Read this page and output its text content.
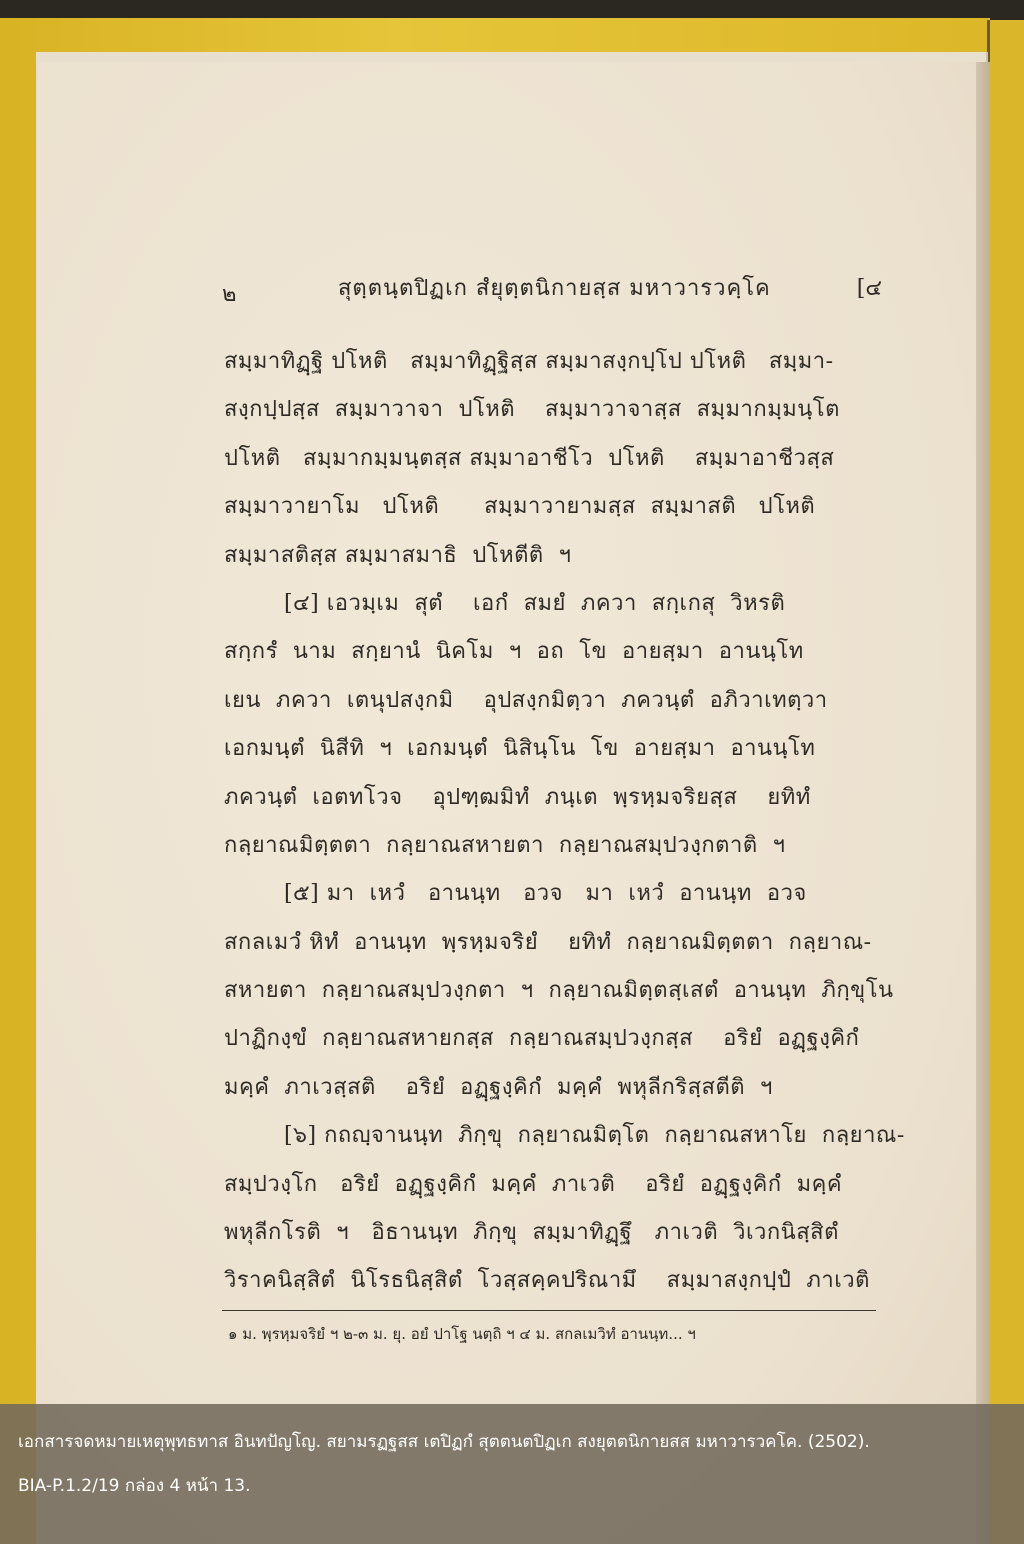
๒	สุตฺตนฺตปิฏเก สํยุตฺตนิกายสฺส มหาวารวคฺโค	[๔
สมฺมาทิฏฺฐิ ปโหติ   สมฺมาทิฏฺฐิสฺส สมฺมาสงฺกปฺโป ปโหติ   สมฺมา-
สงฺกปฺปสฺส  สมฺมาวาจา  ปโหติ    สมฺมาวาจาสฺส  สมฺมากมฺมนฺโต
ปโหติ   สมฺมากมฺมนฺตสฺส สมฺมาอาชีโว  ปโหติ    สมฺมาอาชีวสฺส
สมฺมาวายาโม   ปโหติ      สมฺมาวายามสฺส  สมฺมาสติ   ปโหติ
สมฺมาสติสฺส สมฺมาสมาธิ  ปโหตีติ  ฯ
[๔] เอวมฺเม  สุตํ    เอกํ  สมยํ  ภควา  สกฺเกสุ  วิหรติ
สกฺกรํ  นาม  สกฺยานํ  นิคโม  ฯ  อถ  โข  อายสฺมา  อานนฺโท
เยน  ภควา  เตนุปสงฺกมิ    อุปสงฺกมิตฺวา  ภควนฺตํ  อภิวาเทตฺวา
เอกมนฺตํ  นิสีทิ  ฯ  เอกมนฺตํ  นิสินฺโน  โข  อายสฺมา  อานนฺโท
ภควนฺตํ  เอตทโวจ    อุปฑฺฒมิทํ  ภนฺเต  พฺรหฺมจริยสฺส    ยทิทํ
กลฺยาณมิตฺตตา  กลฺยาณสหายตา  กลฺยาณสมฺปวงฺกตาติ  ฯ
[๕] มา  เหวํ   อานนฺท   อวจ   มา  เหวํ  อานนฺท  อวจ
สกลเมวํ หิทํ  อานนฺท  พฺรหฺมจริยํ    ยทิทํ  กลฺยาณมิตฺตตา  กลฺยาณ-
สหายตา  กลฺยาณสมฺปวงฺกตา  ฯ  กลฺยาณมิตฺตสฺเสตํ  อานนฺท  ภิกฺขุโน
ปาฏิกงฺขํ  กลฺยาณสหายกสฺส  กลฺยาณสมฺปวงฺกสฺส    อริยํ  อฏฺฐงฺคิกํ
มคฺคํ  ภาเวสฺสติ    อริยํ  อฏฺฐงฺคิกํ  มคฺคํ  พหุลีกริสฺสตีติ  ฯ
[๖] กถญฺจานนฺท  ภิกฺขุ  กลฺยาณมิตฺโต  กลฺยาณสหาโย  กลฺยาณ-
สมฺปวงฺโก   อริยํ  อฏฺฐงฺคิกํ  มคฺคํ  ภาเวติ    อริยํ  อฏฺฐงฺคิกํ  มคฺคํ
พหุลีกโรติ  ฯ   อิธานนฺท  ภิกฺขุ  สมฺมาทิฏฺฐึ   ภาเวติ  วิเวกนิสฺสิตํ
วิราคนิสฺสิตํ  นิโรธนิสฺสิตํ  โวสฺสคฺคปริณามึ    สมฺมาสงฺกปฺปํ  ภาเวติ
๑ ม. พฺรหฺมจริยํ ฯ ๒-๓ ม. ยุ. อยํ ปาโฐ นตฺถิ ฯ ๔ ม. สกลเมวิทํ อานนฺท... ฯ
เอกสารจดหมายเหตุพุทธทาส อินทปัญโญ. สยามรฏฐสส เตปิฏกํ สุตตนตปิฏเก สงยุตตนิกายสส มหาวารวคโค. (2502).
BIA-P.1.2/19 กล่อง 4 หน้า 13.
